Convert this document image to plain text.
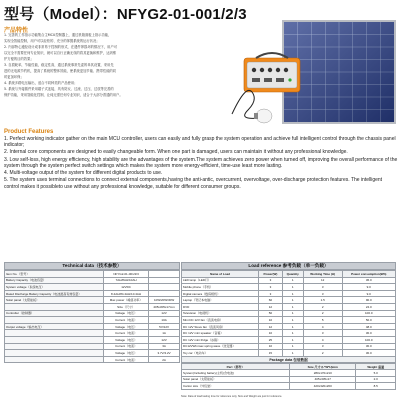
型号（Model）：NFYG2-01-001/2/3
产品特性
1. 完善的工作指示功能集合主MCU控制器上，通过机箱面板上指示功能，
实现全智能控制，用户可以轻松的、充分的掌握系统的运行状况；
2. 内部特心遵经设计成非常易于控制的形式，在遇件摔损坏的情况下，用户可
以完全不需要任何专业知识，就可以自行正确无误的将其更换和维护，达到维
护方便的目的效果；
3. 自损耗率，节能性能，稳定性高，通过系统事常先委的单其设置，采用先
进的无电源节约机，提高了系统的整体效能，使系统更加节能、携带性能的同
时更加环保；
4. 系统多路电压输出，适合不同种类的产品使用；
5. 系统与外接插件采用端子式连接，具有防反、过流、过压、过放等完善的
保护功能，采用智能化控制，让纯无需任何专业知识，适合于大部分普通的用户。
Product Features

1. Perfect working indicator gather on the main MCU controller, users can easily and fully grasp the system operation and achieve full intelligent control through the chassis panel indicator;

2. Internal core components are designed to easily changeable form. When one part is damaged, users can maintain it without any professional knowledge.

3. Low self-loss, high energy efficiency, high stability are the advantages of the system.The system achieves zero power when turned off, improving the overall performance of the system through the system perfect switch settings which makes the system more energy-efficient, time-use least more lasting.

4. Multi-voltage output of the system for different digital products to use.

5. The system uses terminal connections to connect external components,having the anti-antic, overcurrent, overvoltage, over-discharge protection features. The intelligent control makes it possibleto use without any professional knowledge, suitable for different consumer groups.

Technical data（技术参数）
Item No.（型号）	NFYG2-01-001/2/3	
Battery Capacity（电池容量）	7AH/8AH/10AH	
System voltage（系统电压）	12VDC	
Rated Discharge Battery Capacity（电池最高有效容量）	8.4AH/84.4AH/10.4AH	
Solar panel（太阳能板）	Max power（峰值功率）	10W/20W/30W
	Size（尺寸）	405x305x17mm
Controller（控制器）	Voltage（电压）	12V
	Current（电流）	10A
Output voltage（输出电压）	Voltage（电压）	5V/12V
	Current（电流）	1A
	Voltage（电压）	12V
	Current（电流）	3A
	Voltage（电压）	3.7V/4.2V
	Current（电流）	2A
Load reference 参考负载（单一负载）
Name of Load	Power(W)	Quantity	Working Time (H)	Power consumption(Wh)
LED lamp（LED灯）	3	1	12	36.0
Mobile phone（手机）	3	1	3	9.0
Digital camera（数码相机）	3	1	3	9.0
Laptop（笔记本电脑）	60	1	1.5	90.0
DVD	12	1	2	24.0
Television（电视机）	50	1	2	100.0
Mini DC 12V fan（直流电扇）	10	1	5	50.0
DC 12V Stove fan（直流风扇）	12	1	4	48.0
DC 12V mini speaker（音箱）	10	1	3	30.0
DC 12V mini fridge（冰箱）	25	1	4	100.0
DC12VWinmax spring wave（逆变器）	10	1	3	30.0
Toy car（电动车）	15	1	2	30.0
Package data 包装数据
Part（部件）	Size 尺寸 (L*W*H)mm	Weight 重量
System(Including battery)主机(含电池)	280x170x210	5.0
Solar panel（太阳能板）	405x305x17	2.0
Carton size（外包装）	420x320x260	8.5
Note: Data of load lasting time for reference only, Size and Weight are just for reference.
